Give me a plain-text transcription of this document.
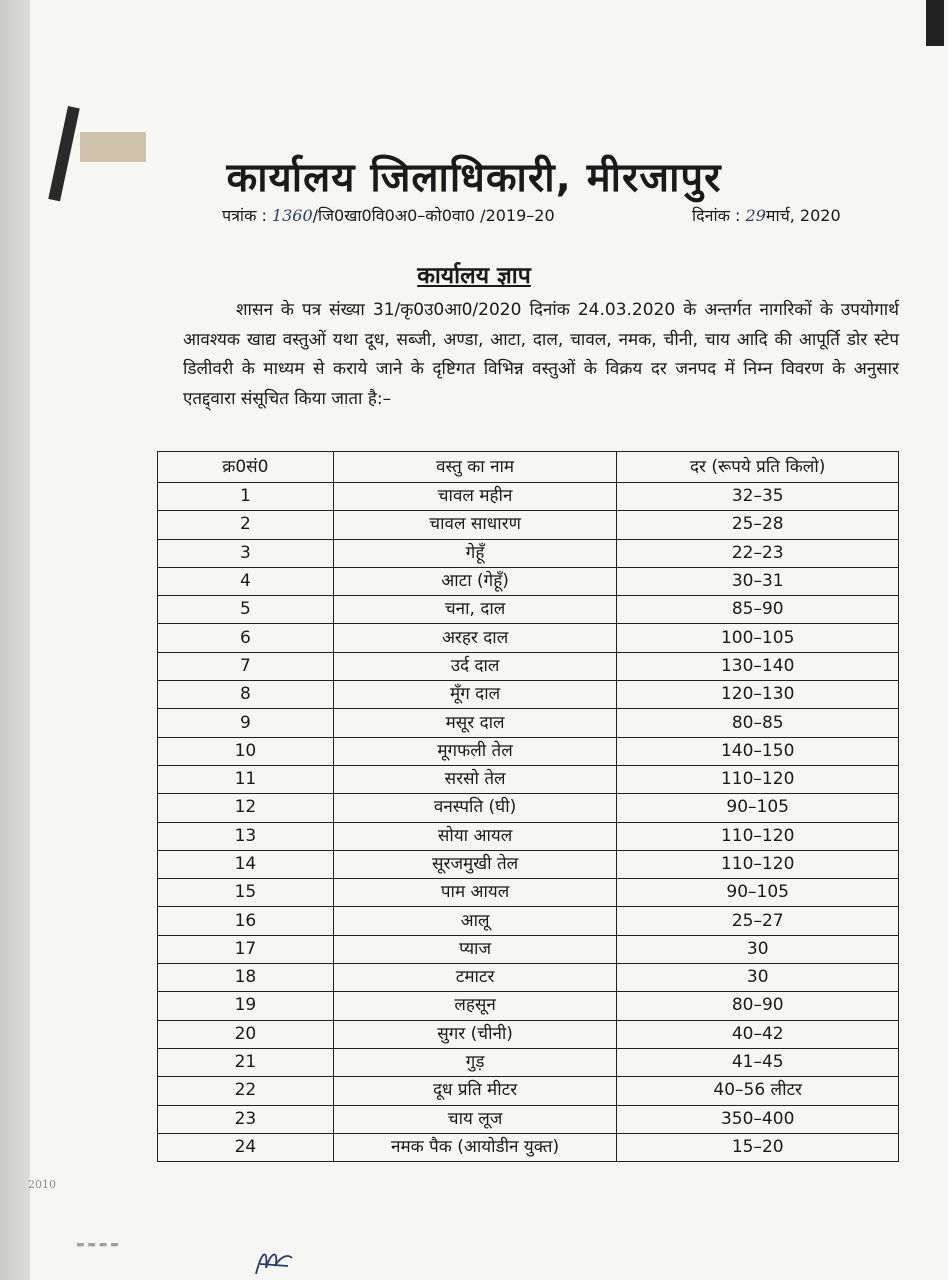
कार्यालय जिलाधिकारी, मीरजापुर
पत्रांक : 1360/जि0खा0वि0अ0–को0वा0 /2019–20	दिनांक : 29मार्च, 2020
कार्यालय ज्ञाप
शासन के पत्र संख्या 31/कृ0उ0आ0/2020 दिनांक 24.03.2020 के अन्तर्गत नागरिकों के उपयोगार्थ आवश्यक खाद्य वस्तुओं यथा दूध, सब्जी, अण्डा, आटा, दाल, चावल, नमक, चीनी, चाय आदि की आपूर्ति डोर स्टेप डिलीवरी के माध्यम से कराये जाने के दृष्टिगत विभिन्न वस्तुओं के विक्रय दर जनपद में निम्न विवरण के अनुसार एतद्द्वारा संसूचित किया जाता है:–
क्र0सं0	वस्तु का नाम	दर (रूपये प्रति किलो)
1	चावल महीन	32–35
2	चावल साधारण	25–28
3	गेहूँ	22–23
4	आटा (गेहूँ)	30–31
5	चना, दाल	85–90
6	अरहर दाल	100–105
7	उर्द दाल	130–140
8	मूँग दाल	120–130
9	मसूर दाल	80–85
10	मूगफली तेल	140–150
11	सरसो तेल	110–120
12	वनस्पति (घी)	90–105
13	सोया आयल	110–120
14	सूरजमुखी तेल	110–120
15	पाम आयल	90–105
16	आलू	25–27
17	प्याज	30
18	टमाटर	30
19	लहसून	80–90
20	सुगर (चीनी)	40–42
21	गुड़	41–45
22	दूध प्रति मीटर	40–56 लीटर
23	चाय लूज	350–400
24	नमक पैक (आयोडीन युक्त)	15–20
2010
▬ ▬ ▬ ▬
